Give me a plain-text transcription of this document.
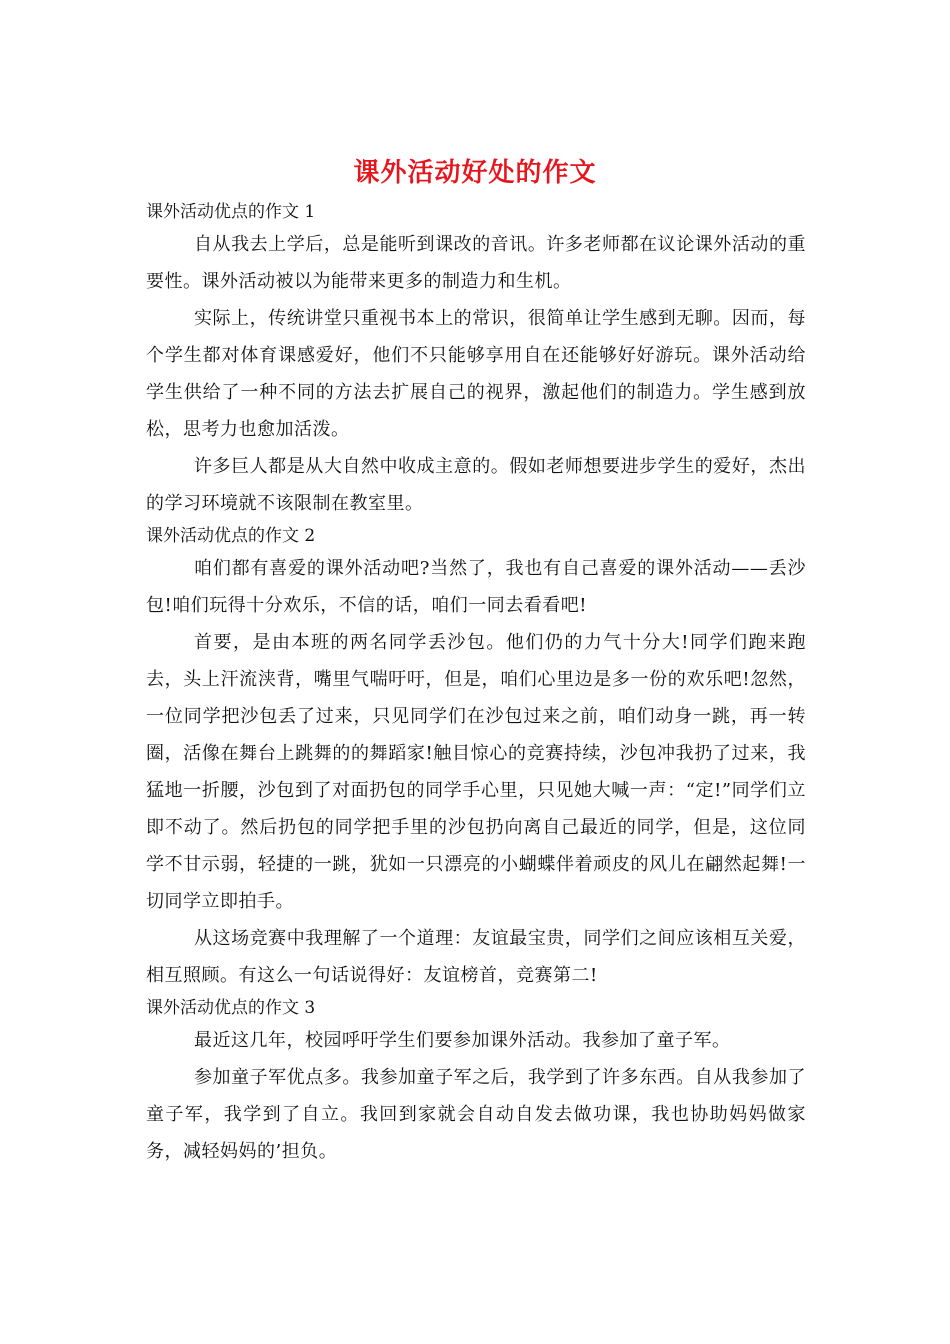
课外活动好处的作文

课外活动优点的作文 1

自从我去上学后，总是能听到课改的音讯。许多老师都在议论课外活动的重要性。课外活动被以为能带来更多的制造力和生机。

实际上，传统讲堂只重视书本上的常识，很简单让学生感到无聊。因而，每个学生都对体育课感爱好，他们不只能够享用自在还能够好好游玩。课外活动给学生供给了一种不同的方法去扩展自己的视界，激起他们的制造力。学生感到放松，思考力也愈加活泼。

许多巨人都是从大自然中收成主意的。假如老师想要进步学生的爱好，杰出的学习环境就不该限制在教室里。

课外活动优点的作文 2

咱们都有喜爱的课外活动吧?当然了，我也有自己喜爱的课外活动——丢沙包!咱们玩得十分欢乐，不信的话，咱们一同去看看吧!

首要，是由本班的两名同学丢沙包。他们仍的力气十分大!同学们跑来跑去，头上汗流浃背，嘴里气喘吁吁，但是，咱们心里边是多一份的欢乐吧!忽然，一位同学把沙包丢了过来，只见同学们在沙包过来之前，咱们动身一跳，再一转圈，活像在舞台上跳舞的的舞蹈家!触目惊心的竞赛持续，沙包冲我扔了过来，我猛地一折腰，沙包到了对面扔包的同学手心里，只见她大喊一声：“定!”同学们立即不动了。然后扔包的同学把手里的沙包扔向离自己最近的同学，但是，这位同学不甘示弱，轻捷的一跳，犹如一只漂亮的小蝴蝶伴着顽皮的风儿在翩然起舞!一切同学立即拍手。

从这场竞赛中我理解了一个道理：友谊最宝贵，同学们之间应该相互关爱，相互照顾。有这么一句话说得好：友谊榜首，竞赛第二!

课外活动优点的作文 3

最近这几年，校园呼吁学生们要参加课外活动。我参加了童子军。

参加童子军优点多。我参加童子军之后，我学到了许多东西。自从我参加了童子军，我学到了自立。我回到家就会自动自发去做功课，我也协助妈妈做家务，减轻妈妈的’担负。
